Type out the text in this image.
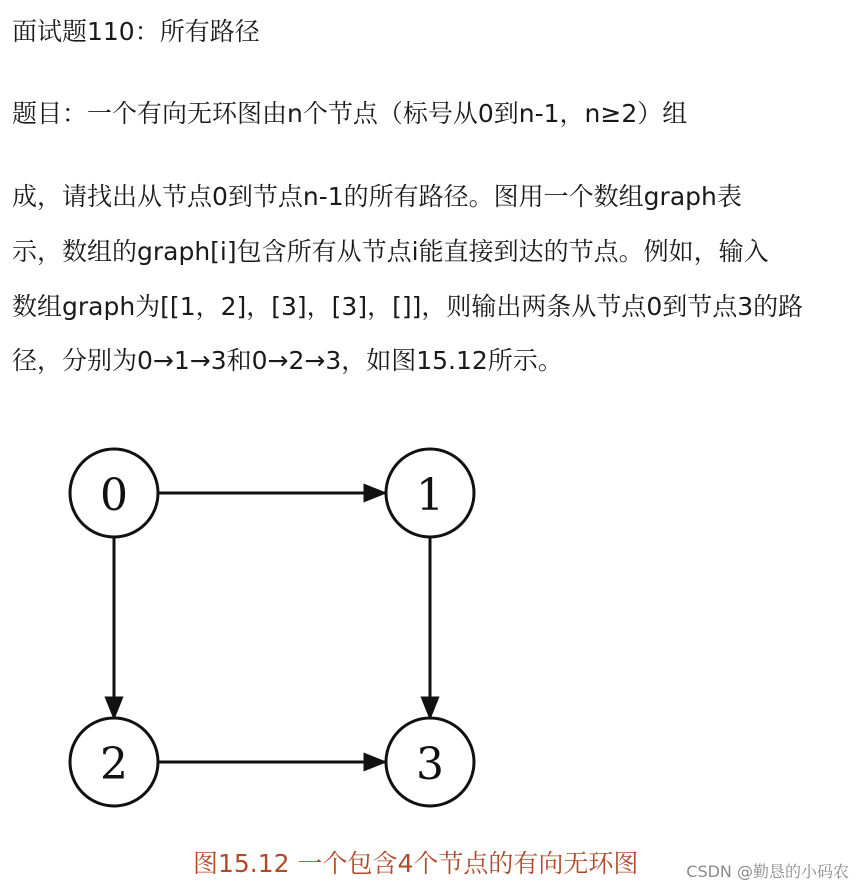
面试题110：所有路径
题目：一个有向无环图由n个节点（标号从0到n-1，n≥2）组
成，请找出从节点0到节点n-1的所有路径。图用一个数组graph表
示，数组的graph[i]包含所有从节点i能直接到达的节点。例如，输入
数组graph为[[1，2]，[3]，[3]，[]]，则输出两条从节点0到节点3的路
径，分别为0→1→3和0→2→3，如图15.12所示。
0	1
2	3
图15.12 一个包含4个节点的有向无环图	CSDN @勤恳的小码农
